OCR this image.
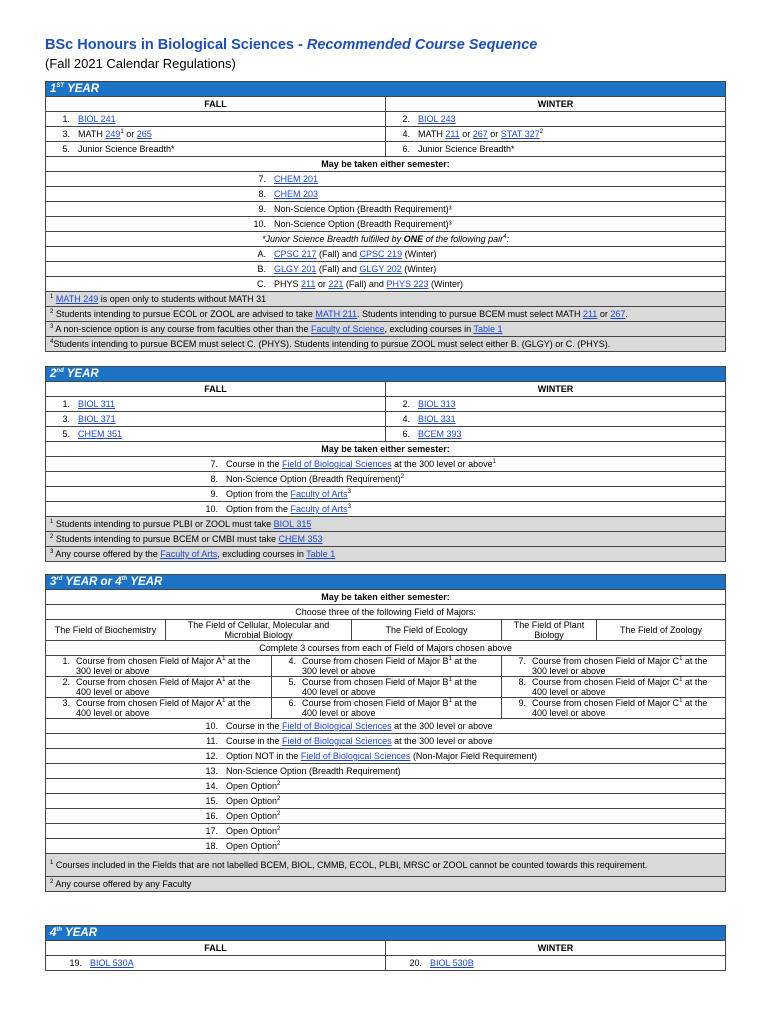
BSc Honours in Biological Sciences - Recommended Course Sequence
(Fall 2021 Calendar Regulations)
1ST YEAR	
FALL	WINTER
1. BIOL 241	2. BIOL 243
3. MATH $249^1$ or 265	4. MATH 211 or 267 or STAT $327^2$
5. Junior Science Breadth*	6. Junior Science Breadth*
May be taken either semester:	
7. CHEM 201	
8. CHEM 203	
9. Non-Science Option (Breadth Requirement)³	
10. Non-Science Option (Breadth Requirement)³	
*Junior Science Breadth fulfilled by ONE of the following pair$^4$:	
A. CPSC 217 (Fall) and CPSC 219 (Winter)	
B. GLGY 201 (Fall) and GLGY 202 (Winter)	
C. PHYS 211 or 221 (Fall) and PHYS 223 (Winter)	
$^1$ MATH 249 is open only to students without MATH 31	
$^2$ Students intending to pursue ECOL or ZOOL are advised to take MATH 211. Students intending to pursue BCEM must select MATH 211 or 267.	
$^3$ A non-science option is any course from faculties other than the Faculty of Science, excluding courses in Table 1	
$^4$Students intending to pursue BCEM must select C. (PHYS). Students intending to pursue ZOOL must select either B. (GLGY) or C. (PHYS).	
2nd YEAR	
FALL	WINTER
1. BIOL 311	2. BIOL 313
3. BIOL 371	4. BIOL 331
5. CHEM 351	6. BCEM 393
May be taken either semester:	
7. Course in the Field of Biological Sciences at the 300 level or above$^1$
8. Non-Science Option (Breadth Requirement)$^2$
9. Option from the Faculty of Arts$^3$
10. Option from the Faculty of Arts$^3$
$^1$ Students intending to pursue PLBI or ZOOL must take BIOL 315	
$^2$ Students intending to pursue BCEM or CMBI must take CHEM 353	
$^3$ Any course offered by the Faculty of Arts, excluding courses in Table 1	
3rd YEAR or 4th YEAR					
May be taken either semester:					
Choose three of the following Field of Majors:					
The Field of Biochemistry	The Field of Cellular, Molecular and Microbial Biology		The Field of Ecology	The Field of Plant Biology	The Field of Zoology
Complete 3 courses from each of Field of Majors chosen above					
1. Course from chosen Field of Major $A^1$ at the 300 level or above		4. Course from chosen Field of Major $B^1$ at the 300 level or above		7. Course from chosen Field of Major $C^1$ at the 300 level or above	
2. Course from chosen Field of Major $A^1$ at the 400 level or above		5. Course from chosen Field of Major $B^1$ at the 400 level or above		8. Course from chosen Field of Major $C^1$ at the 400 level or above	
3. Course from chosen Field of Major $A^1$ at the 400 level or above		6. Course from chosen Field of Major $B^1$ at the 400 level or above		9. Course from chosen Field of Major $C^1$ at the 400 level or above	
10. Course in the Field of Biological Sciences at the 300 level or above					
11. Course in the Field of Biological Sciences at the 300 level or above					
12. Option NOT in the Field of Biological Sciences (Non-Major Field Requirement)					
13. Non-Science Option (Breadth Requirement)					
14. Open Option$^2$
15. Open Option$^2$
16. Open Option$^2$
17. Open Option$^2$
18. Open Option$^2$
$^1$ Courses included in the Fields that are not labelled BCEM, BIOL, CMMB, ECOL, PLBI, MRSC or ZOOL cannot be counted towards this requirement.					
$^2$ Any course offered by any Faculty					
4th YEAR	
FALL	WINTER
19. BIOL 530A	20. BIOL 530B
